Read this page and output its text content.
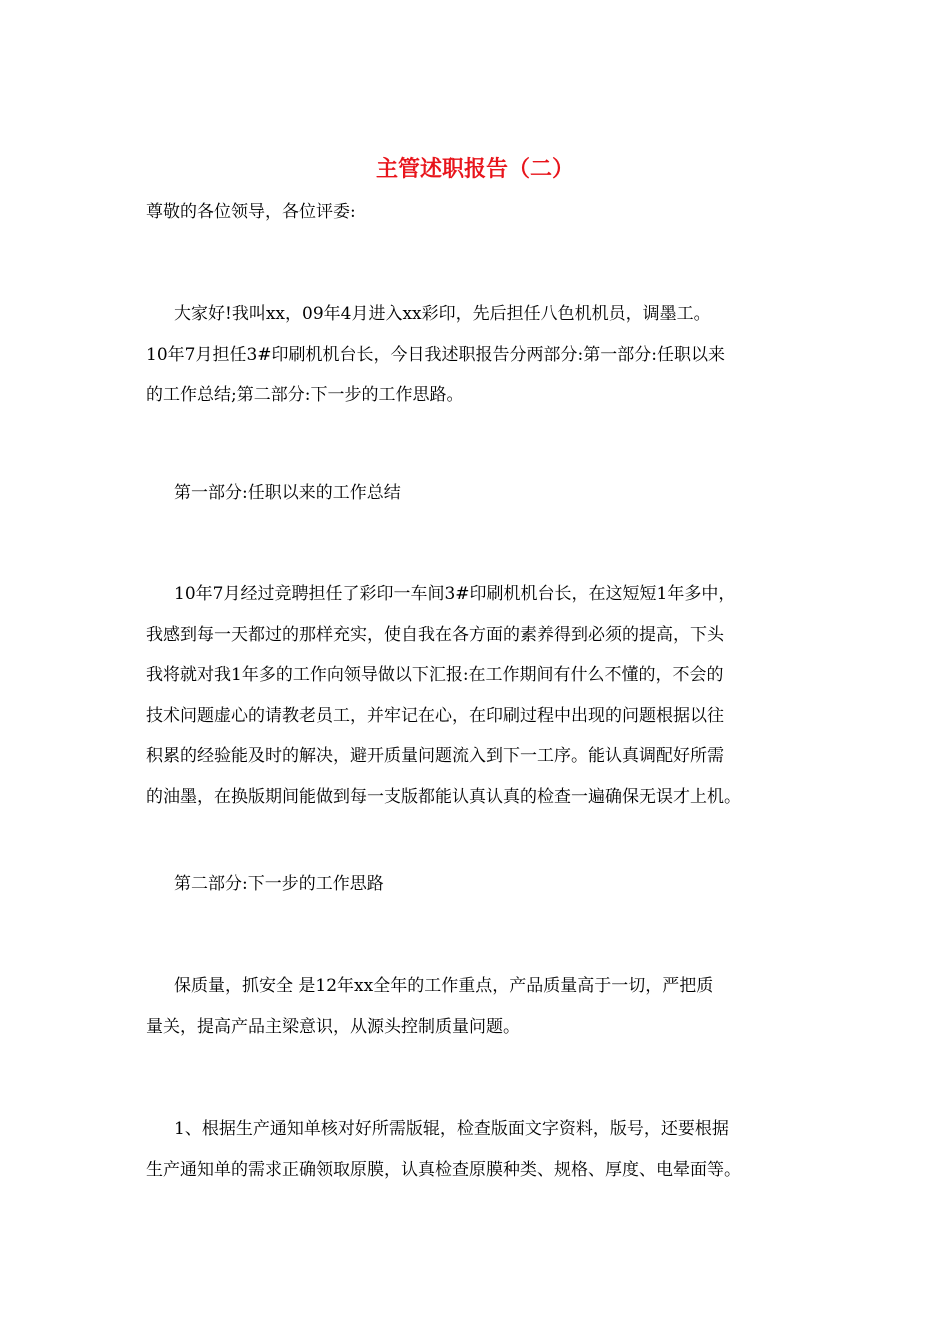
主管述职报告（二）

尊敬的各位领导，各位评委:

大家好!我叫xx，09年4月进入xx彩印，先后担任八色机机员，调墨工。
10年7月担任3#印刷机机台长，今日我述职报告分两部分:第一部分:任职以来
的工作总结;第二部分:下一步的工作思路。
第一部分:任职以来的工作总结
10年7月经过竞聘担任了彩印一车间3#印刷机机台长，在这短短1年多中，
我感到每一天都过的那样充实，使自我在各方面的素养得到必须的提高，下头
我将就对我1年多的工作向领导做以下汇报:在工作期间有什么不懂的，不会的
技术问题虚心的请教老员工，并牢记在心，在印刷过程中出现的问题根据以往
积累的经验能及时的解决，避开质量问题流入到下一工序。能认真调配好所需
的油墨，在换版期间能做到每一支版都能认真认真的检查一遍确保无误才上机。
第二部分:下一步的工作思路
保质量，抓安全 是12年xx全年的工作重点，产品质量高于一切，严把质
量关，提高产品主梁意识，从源头控制质量问题。
1、根据生产通知单核对好所需版辊，检查版面文字资料，版号，还要根据
生产通知单的需求正确领取原膜，认真检查原膜种类、规格、厚度、电晕面等。
